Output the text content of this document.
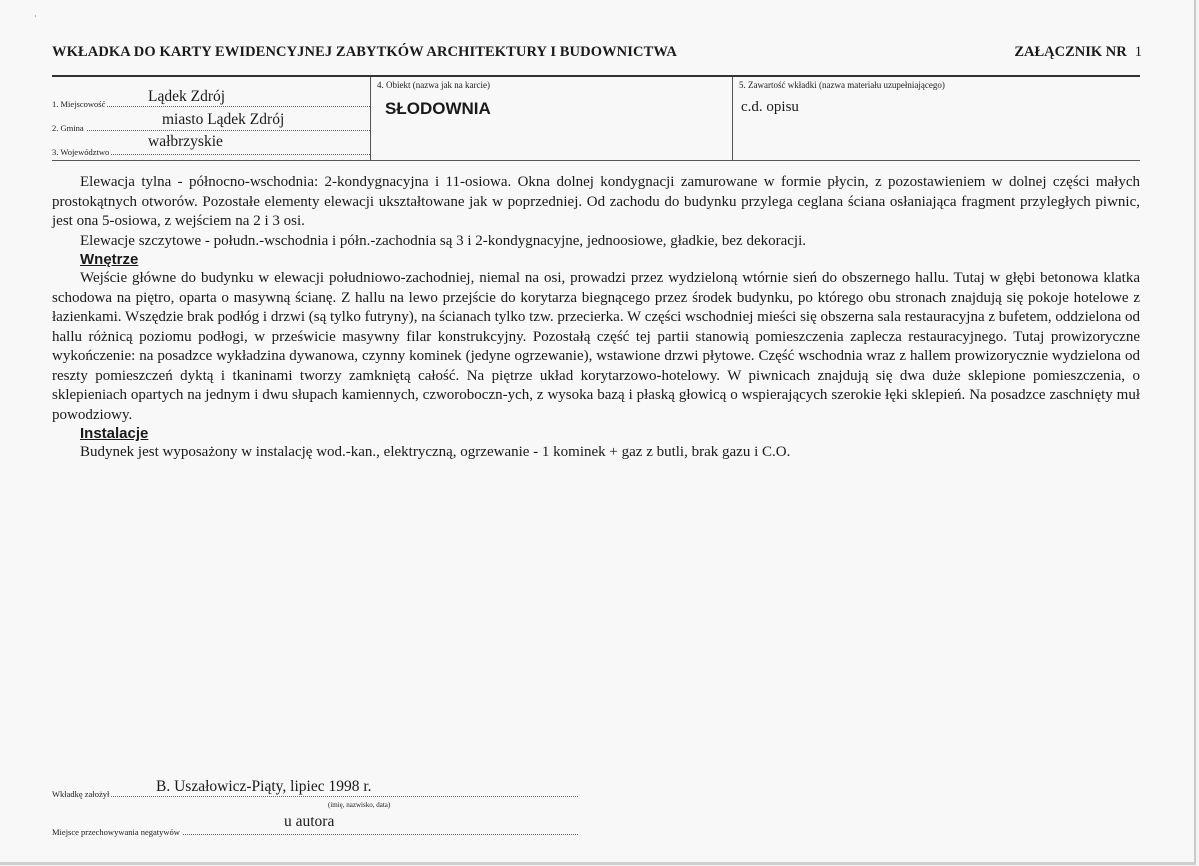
·
WKŁADKA DO KARTY EWIDENCYJNEJ ZABYTKÓW ARCHITEKTURY I BUDOWNICTWA	ZAŁĄCZNIK NR 1
1. Miejscowość	Lądek Zdrój
2. Gmina	miasto Lądek Zdrój
3. Województwo
wałbrzyskie
4. Obiekt (nazwa jak na karcie)
SŁODOWNIA
5. Zawartość wkładki (nazwa materiału uzupełniającego)
c.d. opisu

Elewacja tylna - północno-wschodnia: 2-kondygnacyjna i 11-osiowa. Okna dolnej kondygnacji zamurowane w formie płycin, z pozostawieniem w dolnej części małych prostokątnych otworów. Pozostałe elementy elewacji ukształtowane jak w poprzedniej. Od zachodu do budynku przylega ceglana ściana osłaniająca fragment przyległych piwnic, jest ona 5-osiowa, z wejściem na 2 i 3 osi.

Elewacje szczytowe - połudn.-wschodnia i półn.-zachodnia są 3 i 2-kondygnacyjne, jednoosiowe, gładkie, bez dekoracji.

Wnętrze

Wejście główne do budynku w elewacji południowo-zachodniej, niemal na osi, prowadzi przez wydzieloną wtórnie sień do obszernego hallu. Tutaj w głębi betonowa klatka schodowa na piętro, oparta o masywną ścianę. Z hallu na lewo przejście do korytarza biegnącego przez środek budynku, po którego obu stronach znajdują się pokoje hotelowe z łazienkami. Wszędzie brak podłóg i drzwi (są tylko futryny), na ścianach tylko tzw. przecierka. W części wschodniej mieści się obszerna sala restauracyjna z bufetem, oddzielona od hallu różnicą poziomu podłogi, w prześwicie masywny filar konstrukcyjny. Pozostałą część tej partii stanowią pomieszczenia zaplecza restauracyjnego. Tutaj prowizoryczne wykończenie: na posadzce wykładzina dywanowa, czynny kominek (jedyne ogrzewanie), wstawione drzwi płytowe. Część wschodnia wraz z hallem prowizorycznie wydzielona od reszty pomieszczeń dyktą i tkaninami tworzy zamkniętą całość. Na piętrze układ korytarzowo-hotelowy. W piwnicach znajdują się dwa duże sklepione pomieszczenia, o sklepieniach opartych na jednym i dwu słupach kamiennych, czworoboczn-ych, z wysoka bazą i płaską głowicą o wspierających szerokie łęki sklepień. Na posadzce zaschnięty muł powodziowy.

Instalacje

Budynek jest wyposażony w instalację wod.-kan., elektryczną, ogrzewanie - 1 kominek + gaz z butli, brak gazu i C.O.

Wkładkę założył	B. Uszałowicz-Piąty, lipiec 1998 r.
(imię, nazwisko, data)
Miejsce przechowywania negatywów
u autora
